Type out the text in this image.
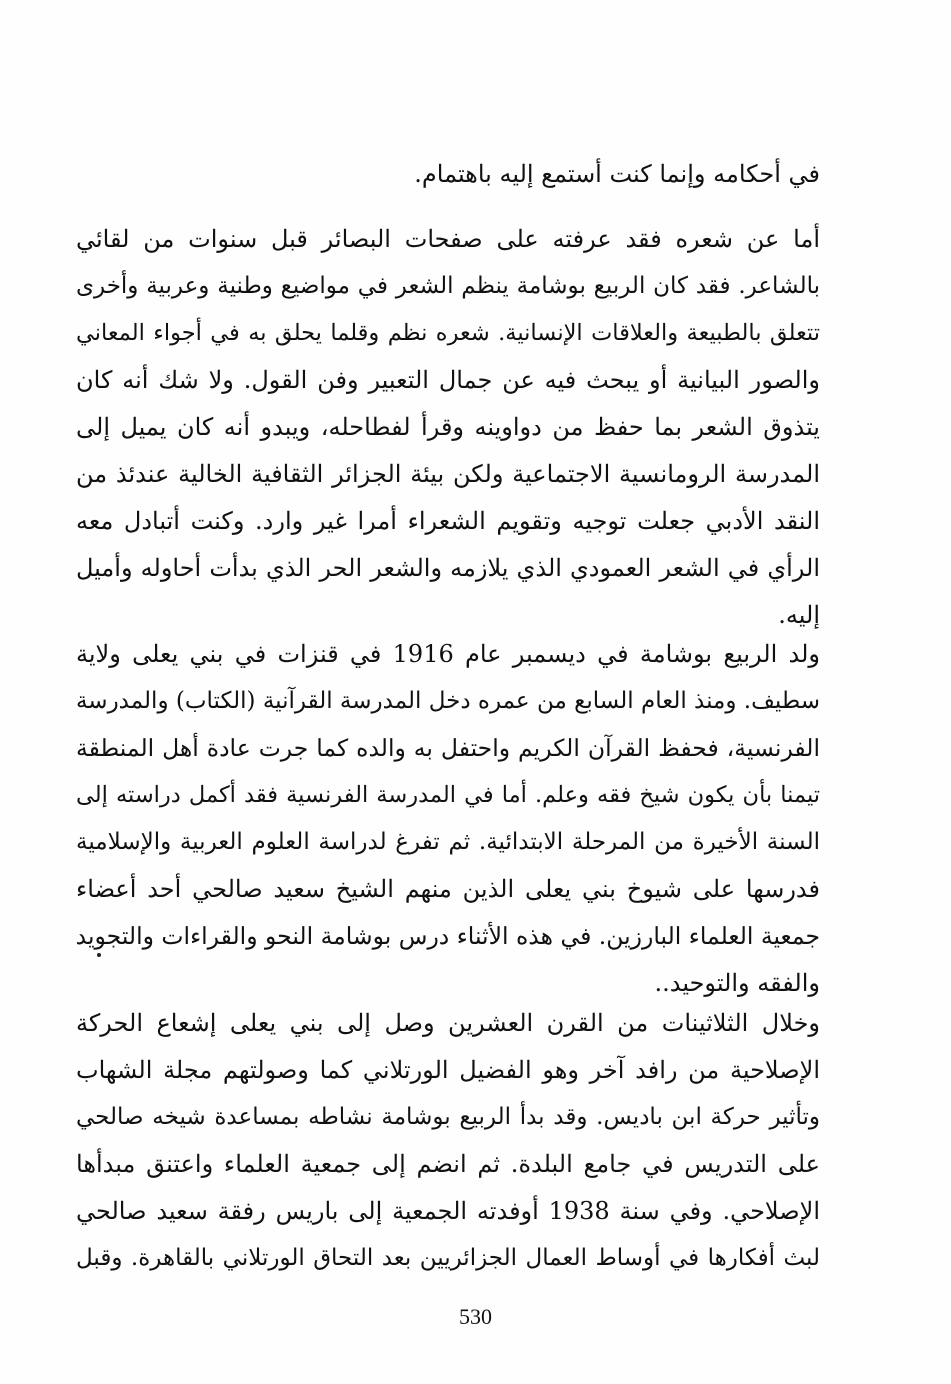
في أحكامه وإنما كنت أستمع إليه باهتمام.
أما عن شعره فقد عرفته على صفحات البصائر قبل سنوات من لقائي
بالشاعر. فقد كان الربيع بوشامة ينظم الشعر في مواضيع وطنية وعربية وأخرى
تتعلق بالطبيعة والعلاقات الإنسانية. شعره نظم وقلما يحلق به في أجواء المعاني
والصور البيانية أو يبحث فيه عن جمال التعبير وفن القول. ولا شك أنه كان
يتذوق الشعر بما حفظ من دواوينه وقرأ لفطاحله، ويبدو أنه كان يميل إلى
المدرسة الرومانسية الاجتماعية ولكن بيئة الجزائر الثقافية الخالية عندئذ من
النقد الأدبي جعلت توجيه وتقويم الشعراء أمرا غير وارد. وكنت أتبادل معه
الرأي في الشعر العمودي الذي يلازمه والشعر الحر الذي بدأت أحاوله وأميل
إليه.
ولد الربيع بوشامة في ديسمبر عام 1916 في قنزات في بني يعلى ولاية
سطيف. ومنذ العام السابع من عمره دخل المدرسة القرآنية (الكتاب) والمدرسة
الفرنسية، فحفظ القرآن الكريم واحتفل به والده كما جرت عادة أهل المنطقة
تيمنا بأن يكون شيخ فقه وعلم. أما في المدرسة الفرنسية فقد أكمل دراسته إلى
السنة الأخيرة من المرحلة الابتدائية. ثم تفرغ لدراسة العلوم العربية والإسلامية
فدرسها على شيوخ بني يعلى الذين منهم الشيخ سعيد صالحي أحد أعضاء
جمعية العلماء البارزين. في هذه الأثناء درس بوشامة النحو والقراءات والتجويد
والفقه والتوحيد..
وخلال الثلاثينات من القرن العشرين وصل إلى بني يعلى إشعاع الحركة
الإصلاحية من رافد آخر وهو الفضيل الورتلاني كما وصولتهم مجلة الشهاب
وتأثير حركة ابن باديس. وقد بدأ الربيع بوشامة نشاطه بمساعدة شيخه صالحي
على التدريس في جامع البلدة. ثم انضم إلى جمعية العلماء واعتنق مبدأها
الإصلاحي. وفي سنة 1938 أوفدته الجمعية إلى باريس رفقة سعيد صالحي
لبث أفكارها في أوساط العمال الجزائريين بعد التحاق الورتلاني بالقاهرة. وقبل
530
